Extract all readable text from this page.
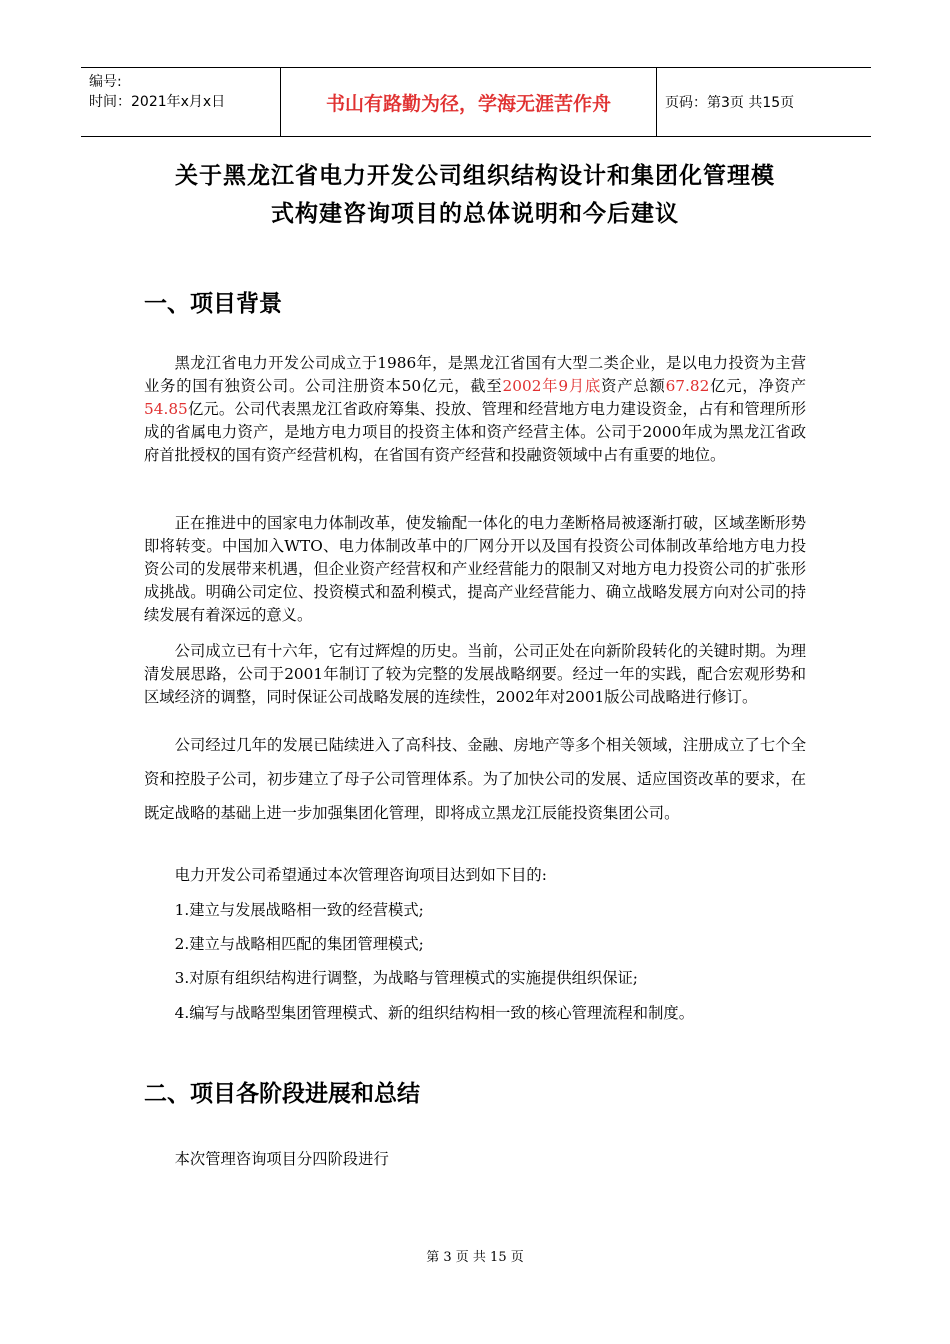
编号:
时间：2021年x月x日	书山有路勤为径，学海无涯苦作舟	页码：第3页 共15页
关于黑龙江省电力开发公司组织结构设计和集团化管理模
式构建咨询项目的总体说明和今后建议
一、项目背景

黑龙江省电力开发公司成立于1986年，是黑龙江省国有大型二类企业，是以电力投资为主营业务的国有独资公司。公司注册资本50亿元，截至2002年9月底资产总额67.82亿元，净资产54.85亿元。公司代表黑龙江省政府筹集、投放、管理和经营地方电力建设资金，占有和管理所形成的省属电力资产，是地方电力项目的投资主体和资产经营主体。公司于2000年成为黑龙江省政府首批授权的国有资产经营机构，在省国有资产经营和投融资领域中占有重要的地位。

正在推进中的国家电力体制改革，使发输配一体化的电力垄断格局被逐渐打破，区域垄断形势即将转变。中国加入WTO、电力体制改革中的厂网分开以及国有投资公司体制改革给地方电力投资公司的发展带来机遇，但企业资产经营权和产业经营能力的限制又对地方电力投资公司的扩张形成挑战。明确公司定位、投资模式和盈利模式，提高产业经营能力、确立战略发展方向对公司的持续发展有着深远的意义。

公司成立已有十六年，它有过辉煌的历史。当前，公司正处在向新阶段转化的关键时期。为理清发展思路，公司于2001年制订了较为完整的发展战略纲要。经过一年的实践，配合宏观形势和区域经济的调整，同时保证公司战略发展的连续性，2002年对2001版公司战略进行修订。

公司经过几年的发展已陆续进入了高科技、金融、房地产等多个相关领域，注册成立了七个全资和控股子公司，初步建立了母子公司管理体系。为了加快公司的发展、适应国资改革的要求，在既定战略的基础上进一步加强集团化管理，即将成立黑龙江辰能投资集团公司。

电力开发公司希望通过本次管理咨询项目达到如下目的:

1.建立与发展战略相一致的经营模式;

2.建立与战略相匹配的集团管理模式;

3.对原有组织结构进行调整，为战略与管理模式的实施提供组织保证;

4.编写与战略型集团管理模式、新的组织结构相一致的核心管理流程和制度。

二、项目各阶段进展和总结

本次管理咨询项目分四阶段进行

第 3 页 共 15 页
